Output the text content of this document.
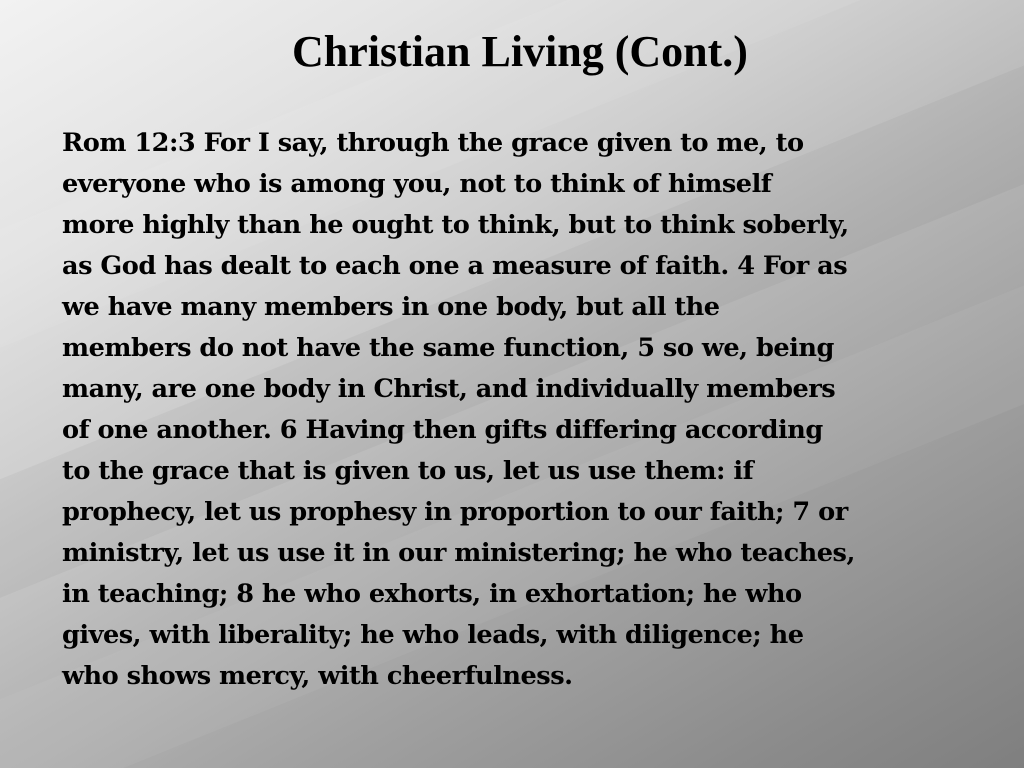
Christian Living (Cont.)

Rom 12:3 For I say, through the grace given to me, to
everyone who is among you, not to think of himself
more highly than he ought to think, but to think soberly,
as God has dealt to each one a measure of faith. 4 For as
we have many members in one body, but all the
members do not have the same function, 5 so we, being
many, are one body in Christ, and individually members
of one another. 6 Having then gifts differing according
to the grace that is given to us, let us use them: if
prophecy, let us prophesy in proportion to our faith; 7 or
ministry, let us use it in our ministering; he who teaches,
in teaching; 8 he who exhorts, in exhortation; he who
gives, with liberality; he who leads, with diligence; he
who shows mercy, with cheerfulness.
